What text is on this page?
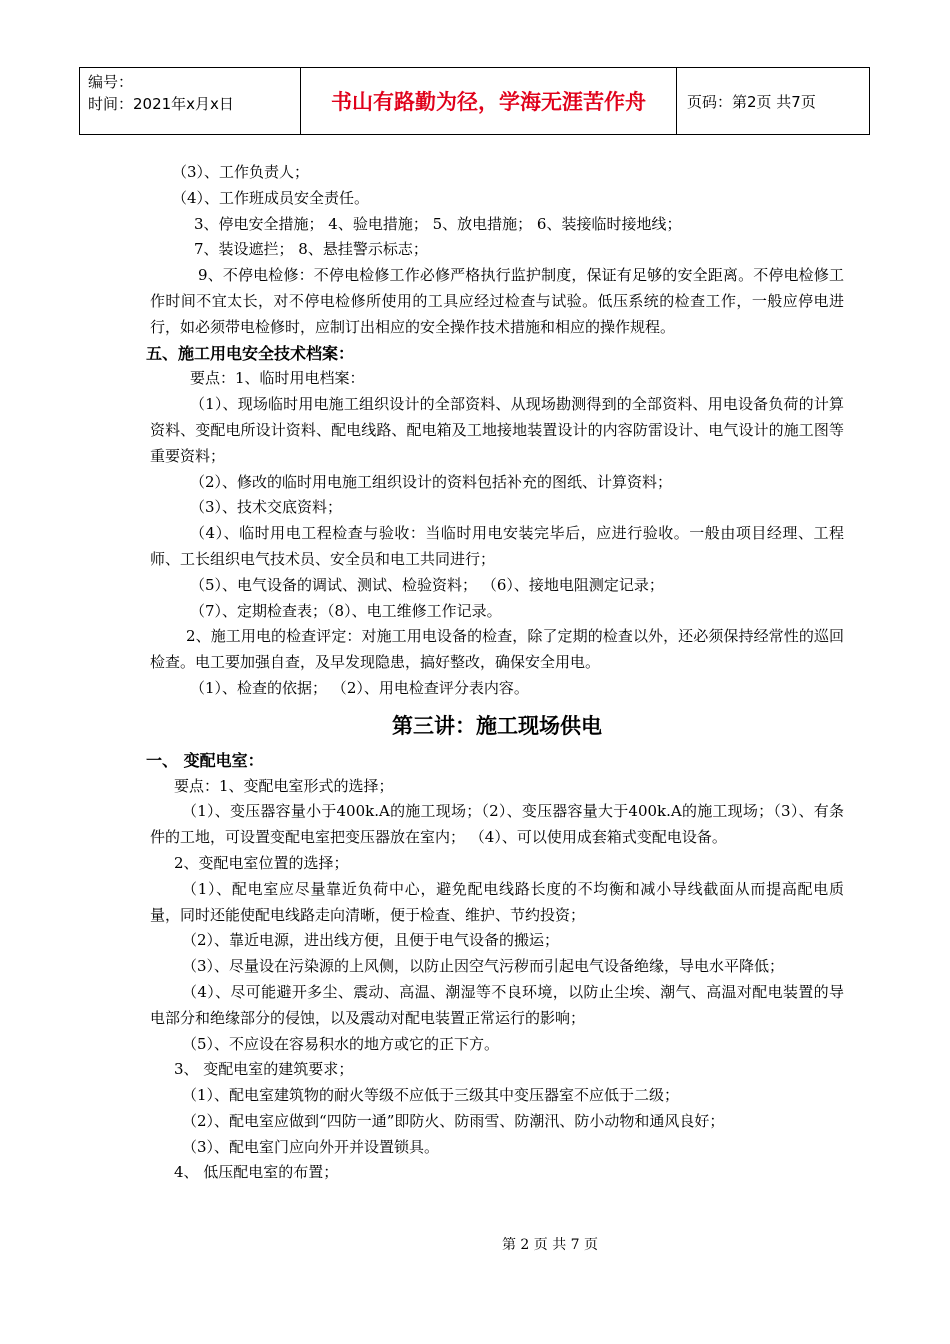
编号：
时间：2021年x月x日	书山有路勤为径，学海无涯苦作舟	页码：第2页 共7页
（3）、工作负责人；
（4）、工作班成员安全责任。
3、停电安全措施； 4、验电措施； 5、放电措施； 6、装接临时接地线；
7、装设遮拦； 8、悬挂警示标志；
9、不停电检修：不停电检修工作必修严格执行监护制度，保证有足够的安全距离。不停电检修工作时间不宜太长，对不停电检修所使用的工具应经过检查与试验。低压系统的检查工作，一般应停电进行，如必须带电检修时，应制订出相应的安全操作技术措施和相应的操作规程。
五、施工用电安全技术档案：
要点：1、临时用电档案：
（1）、现场临时用电施工组织设计的全部资料、从现场勘测得到的全部资料、用电设备负荷的计算资料、变配电所设计资料、配电线路、配电箱及工地接地装置设计的内容防雷设计、电气设计的施工图等重要资料；
（2）、修改的临时用电施工组织设计的资料包括补充的图纸、计算资料；
（3）、技术交底资料；
（4）、临时用电工程检查与验收：当临时用电安装完毕后，应进行验收。一般由项目经理、工程师、工长组织电气技术员、安全员和电工共同进行；
（5）、电气设备的调试、测试、检验资料； （6）、接地电阻测定记录；
（7）、定期检查表；（8）、电工维修工作记录。
2、施工用电的检查评定：对施工用电设备的检查，除了定期的检查以外，还必须保持经常性的巡回检查。电工要加强自查，及早发现隐患，搞好整改，确保安全用电。
（1）、检查的依据； （2）、用电检查评分表内容。
第三讲：施工现场供电
一、 变配电室：
要点：1、变配电室形式的选择；
（1）、变压器容量小于400k.A的施工现场；（2）、变压器容量大于400k.A的施工现场；（3）、有条件的工地，可设置变配电室把变压器放在室内； （4）、可以使用成套箱式变配电设备。
2、变配电室位置的选择；
（1）、配电室应尽量靠近负荷中心，避免配电线路长度的不均衡和减小导线截面从而提高配电质量，同时还能使配电线路走向清晰，便于检查、维护、节约投资；
（2）、靠近电源，进出线方便，且便于电气设备的搬运；
（3）、尽量设在污染源的上风侧，以防止因空气污秽而引起电气设备绝缘，导电水平降低；
（4）、尽可能避开多尘、震动、高温、潮湿等不良环境，以防止尘埃、潮气、高温对配电装置的导电部分和绝缘部分的侵蚀，以及震动对配电装置正常运行的影响；
（5）、不应设在容易积水的地方或它的正下方。
3、 变配电室的建筑要求；
（1）、配电室建筑物的耐火等级不应低于三级其中变压器室不应低于二级；
（2）、配电室应做到“四防一通”即防火、防雨雪、防潮汛、防小动物和通风良好；
（3）、配电室门应向外开并设置锁具。
4、 低压配电室的布置；
第 2 页 共 7 页
